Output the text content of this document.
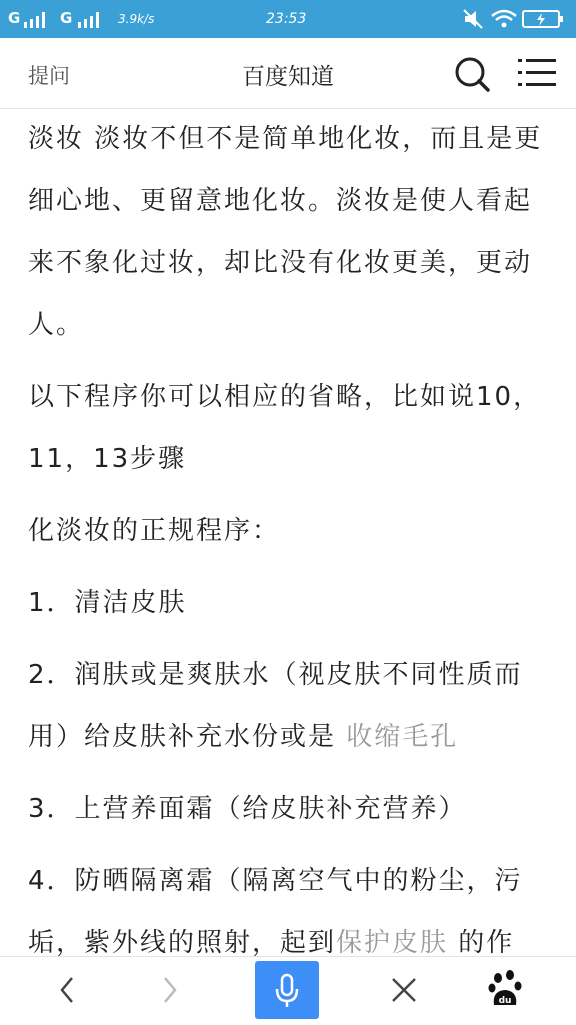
G	G	3.9k/s	23:53
提问	百度知道

淡妆 淡妆不但不是简单地化妆，而且是更细心地、更留意地化妆。淡妆是使人看起来不象化过妆，却比没有化妆更美，更动人。

以下程序你可以相应的省略，比如说10，11，13步骤

化淡妆的正规程序：

1．清洁皮肤

2．润肤或是爽肤水（视皮肤不同性质而用）给皮肤补充水份或是 收缩毛孔

3．上营养面霜（给皮肤补充营养）

4．防晒隔离霜（隔离空气中的粉尘，污垢，紫外线的照射，起到保护皮肤 的作

du
